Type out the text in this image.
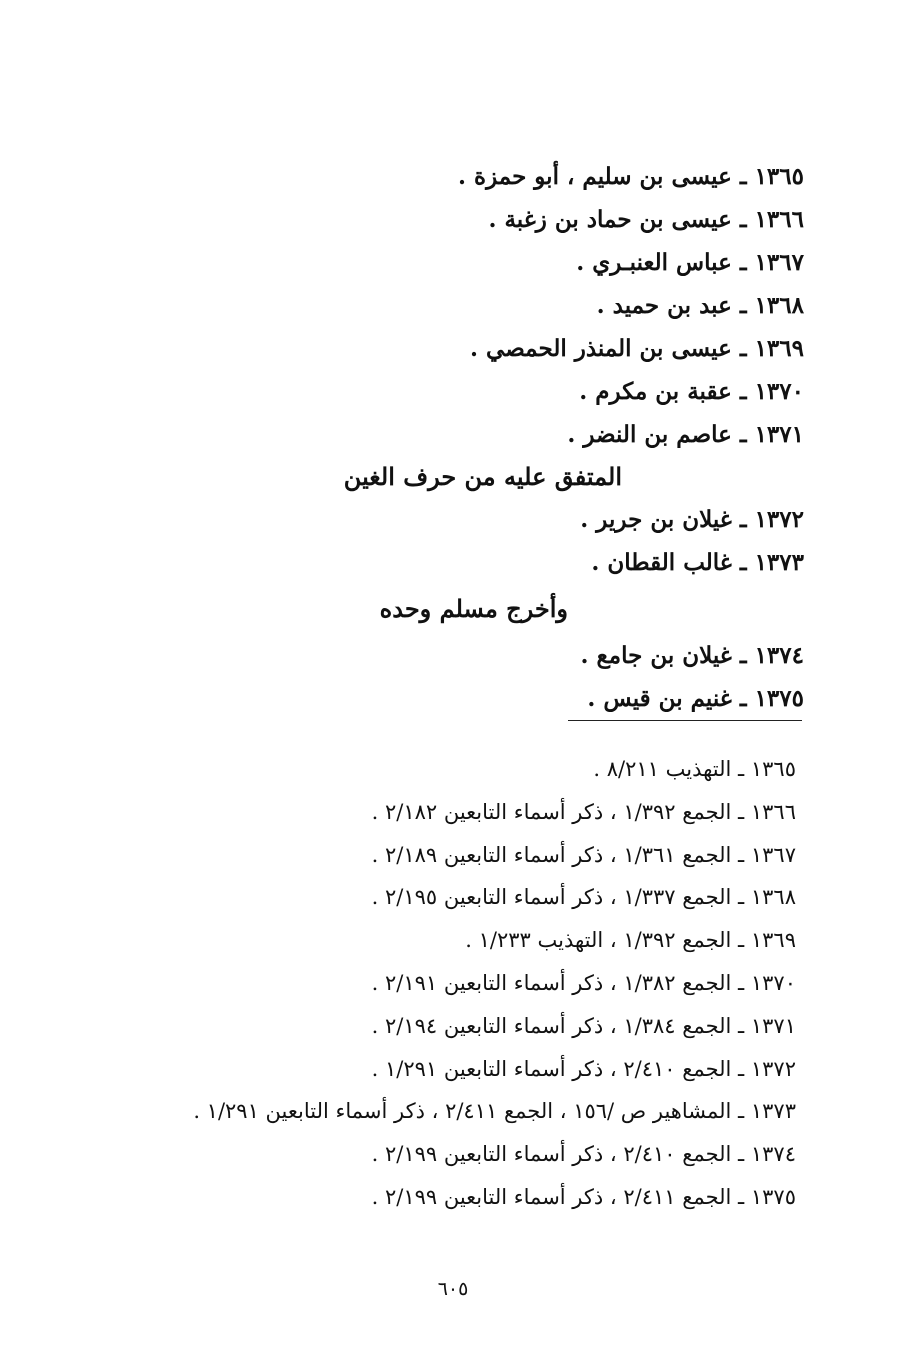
١٣٦٥ ـ عيسى بن سليم ، أبو حمزة .
١٣٦٦ ـ عيسى بن حماد بن زغبة .
١٣٦٧ ـ عباس العنبـري .
١٣٦٨ ـ عبد بن حميد .
١٣٦٩ ـ عيسى بن المنذر الحمصي .
١٣٧٠ ـ عقبة بن مكرم .
١٣٧١ ـ عاصم بن النضر .
المتفق عليه من حرف الغين
١٣٧٢ ـ غيلان بن جرير .
١٣٧٣ ـ غالب القطان .
وأخرج مسلم وحده
١٣٧٤ ـ غيلان بن جامع .
١٣٧٥ ـ غنيم بن قيس .
١٣٦٥ ـ التهذيب ٨/٢١١ .
١٣٦٦ ـ الجمع ١/٣٩٢ ، ذكر أسماء التابعين ٢/١٨٢ .
١٣٦٧ ـ الجمع ١/٣٦١ ، ذكر أسماء التابعين ٢/١٨٩ .
١٣٦٨ ـ الجمع ١/٣٣٧ ، ذكر أسماء التابعين ٢/١٩٥ .
١٣٦٩ ـ الجمع ١/٣٩٢ ، التهذيب ١/٢٣٣ .
١٣٧٠ ـ الجمع ١/٣٨٢ ، ذكر أسماء التابعين ٢/١٩١ .
١٣٧١ ـ الجمع ١/٣٨٤ ، ذكر أسماء التابعين ٢/١٩٤ .
١٣٧٢ ـ الجمع ٢/٤١٠ ، ذكر أسماء التابعين ١/٢٩١ .
١٣٧٣ ـ المشاهير ص /١٥٦ ، الجمع ٢/٤١١ ، ذكر أسماء التابعين ١/٢٩١ .
١٣٧٤ ـ الجمع ٢/٤١٠ ، ذكر أسماء التابعين ٢/١٩٩ .
١٣٧٥ ـ الجمع ٢/٤١١ ، ذكر أسماء التابعين ٢/١٩٩ .
٦٠٥
